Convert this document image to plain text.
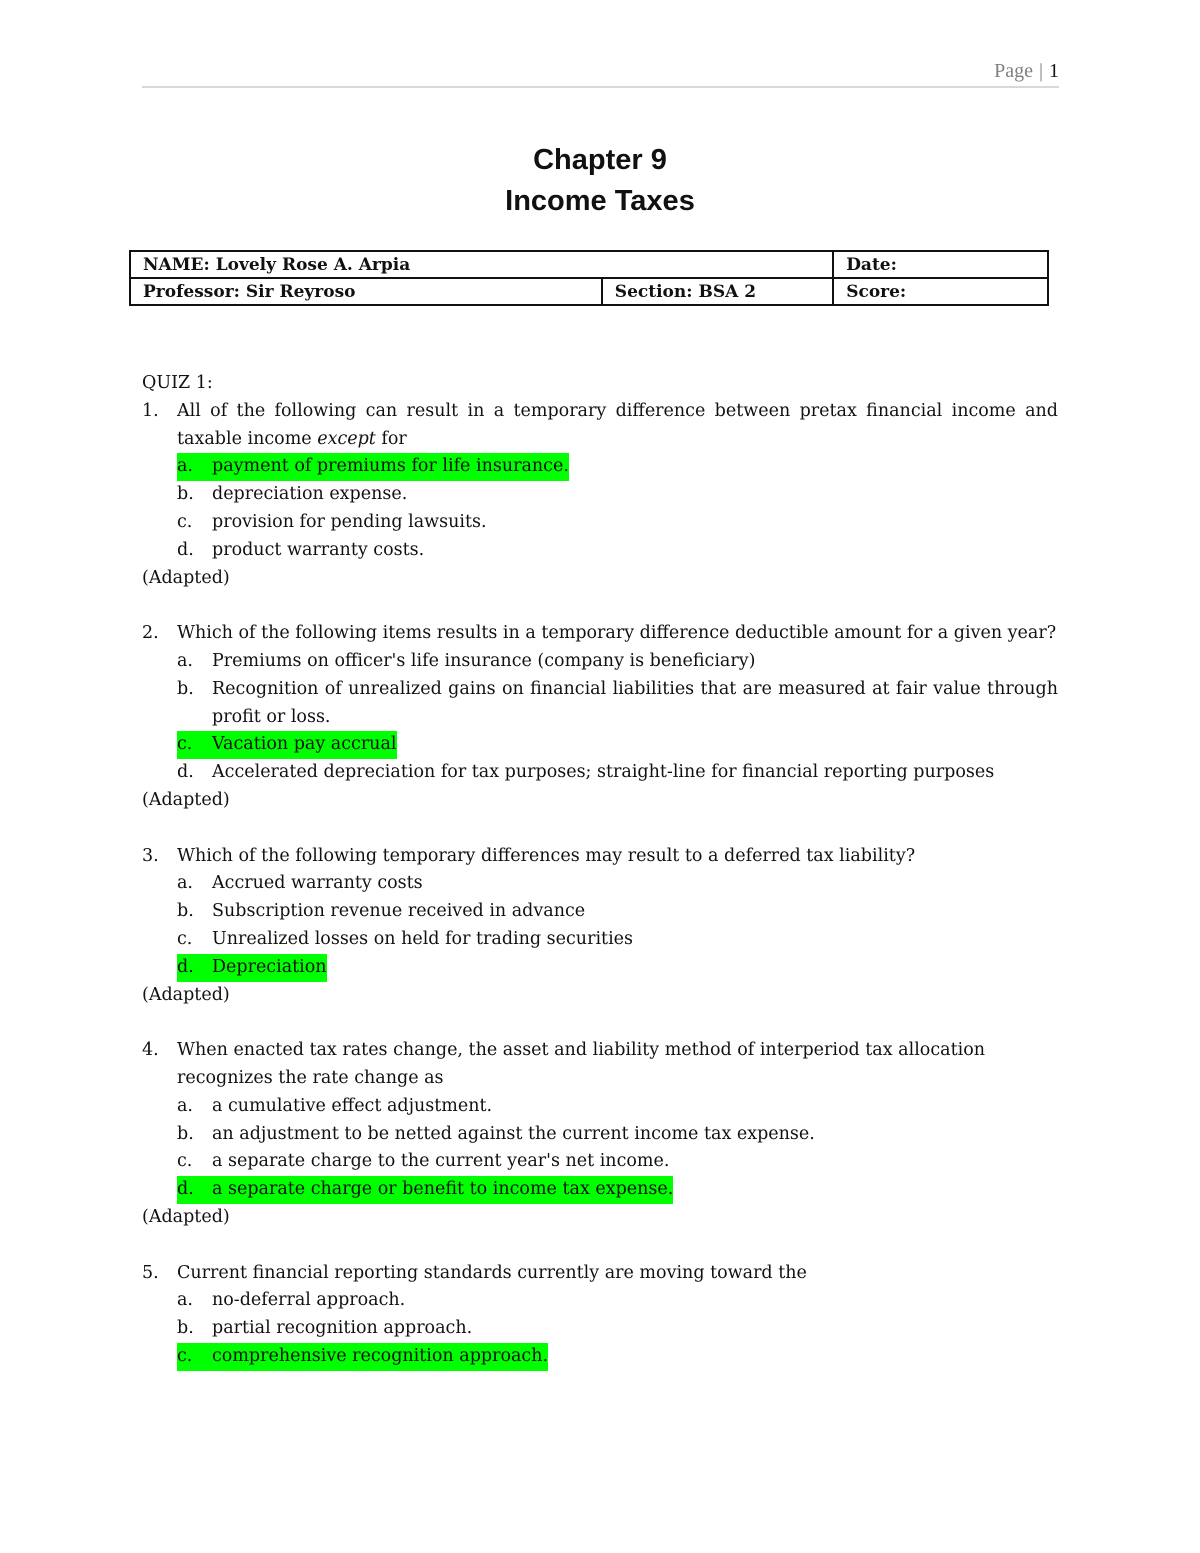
Page | 1
Chapter 9
Income Taxes
NAME: Lovely Rose A. Arpia		Date:
Professor: Sir Reyroso	Section: BSA 2	Score:
QUIZ 1:
1.	All of the following can result in a temporary difference between pretax financial income and taxable income except for
a. payment of premiums for life insurance.
b.	depreciation expense.
c.	provision for pending lawsuits.
d.	product warranty costs.
(Adapted)
2.	Which of the following items results in a temporary difference deductible amount for a given year?
a.	Premiums on officer's life insurance (company is beneficiary)
b.	Recognition of unrealized gains on financial liabilities that are measured at fair value through profit or loss.
c. Vacation pay accrual
d.	Accelerated depreciation for tax purposes; straight-line for financial reporting purposes
(Adapted)
3.	Which of the following temporary differences may result to a deferred tax liability?
a.	Accrued warranty costs
b.	Subscription revenue received in advance
c.	Unrealized losses on held for trading securities
d. Depreciation
(Adapted)
4.	When enacted tax rates change, the asset and liability method of interperiod tax allocation recognizes the rate change as
a.	a cumulative effect adjustment.
b.	an adjustment to be netted against the current income tax expense.
c.	a separate charge to the current year's net income.
d. a separate charge or benefit to income tax expense.
(Adapted)
5.	Current financial reporting standards currently are moving toward the
a.	no-deferral approach.
b.	partial recognition approach.
c. comprehensive recognition approach.
